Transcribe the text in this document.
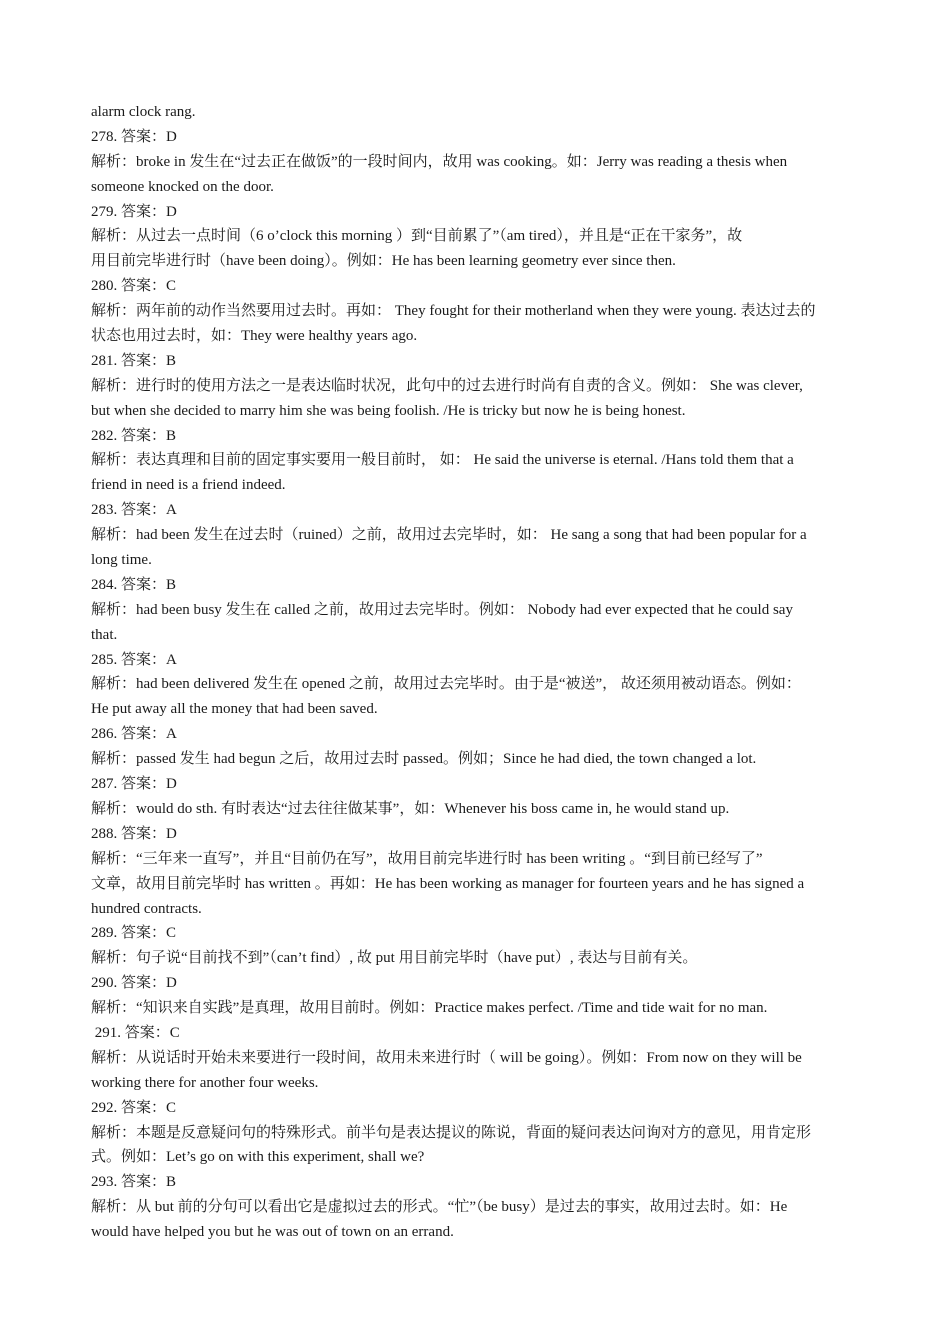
alarm clock rang.
278. 答案：D
解析：broke in 发生在“过去正在做饭”的一段时间内，故用 was cooking。如：Jerry was reading a thesis when
someone knocked on the door.
279. 答案：D
解析：从过去一点时间（6 o’clock this morning ）到“目前累了”（am tired），并且是“正在干家务”，故
用目前完毕进行时（have been doing）。例如：He has been learning geometry ever since then.
280. 答案：C
解析：两年前的动作当然要用过去时。再如： They fought for their motherland when they were young. 表达过去的
状态也用过去时，如：They were healthy years ago.
281. 答案：B
解析：进行时的使用方法之一是表达临时状况，此句中的过去进行时尚有自责的含义。例如： She was clever,
but when she decided to marry him she was being foolish. /He is tricky but now he is being honest.
282. 答案：B
解析：表达真理和目前的固定事实要用一般目前时， 如： He said the universe is eternal. /Hans told them that a
friend in need is a friend indeed.
283. 答案：A
解析：had been 发生在过去时（ruined）之前，故用过去完毕时，如： He sang a song that had been popular for a
long time.
284. 答案：B
解析：had been busy 发生在 called 之前，故用过去完毕时。例如： Nobody had ever expected that he could say
that.
285. 答案：A
解析：had been delivered 发生在 opened 之前，故用过去完毕时。由于是“被送”， 故还须用被动语态。例如：
He put away all the money that had been saved.
286. 答案：A
解析：passed 发生 had begun 之后，故用过去时 passed。例如；Since he had died, the town changed a lot.
287. 答案：D
解析：would do sth. 有时表达“过去往往做某事”，如：Whenever his boss came in, he would stand up.
288. 答案：D
解析：“三年来一直写”，并且“目前仍在写”，故用目前完毕进行时 has been writing 。“到目前已经写了”
文章，故用目前完毕时 has written 。再如：He has been working as manager for fourteen years and he has signed a
hundred contracts.
289. 答案：C
解析：句子说“目前找不到”（can’t find）, 故 put 用目前完毕时（have put）, 表达与目前有关。
290. 答案：D
解析：“知识来自实践”是真理，故用目前时。例如：Practice makes perfect. /Time and tide wait for no man.
291. 答案：C
解析：从说话时开始未来要进行一段时间，故用未来进行时（ will be going）。例如：From now on they will be
working there for another four weeks.
292. 答案：C
解析：本题是反意疑问句的特殊形式。前半句是表达提议的陈说，背面的疑问表达问询对方的意见，用肯定形
式。例如：Let’s go on with this experiment, shall we?
293. 答案：B
解析：从 but 前的分句可以看出它是虚拟过去的形式。“忙”（be busy）是过去的事实，故用过去时。如：He
would have helped you but he was out of town on an errand.
